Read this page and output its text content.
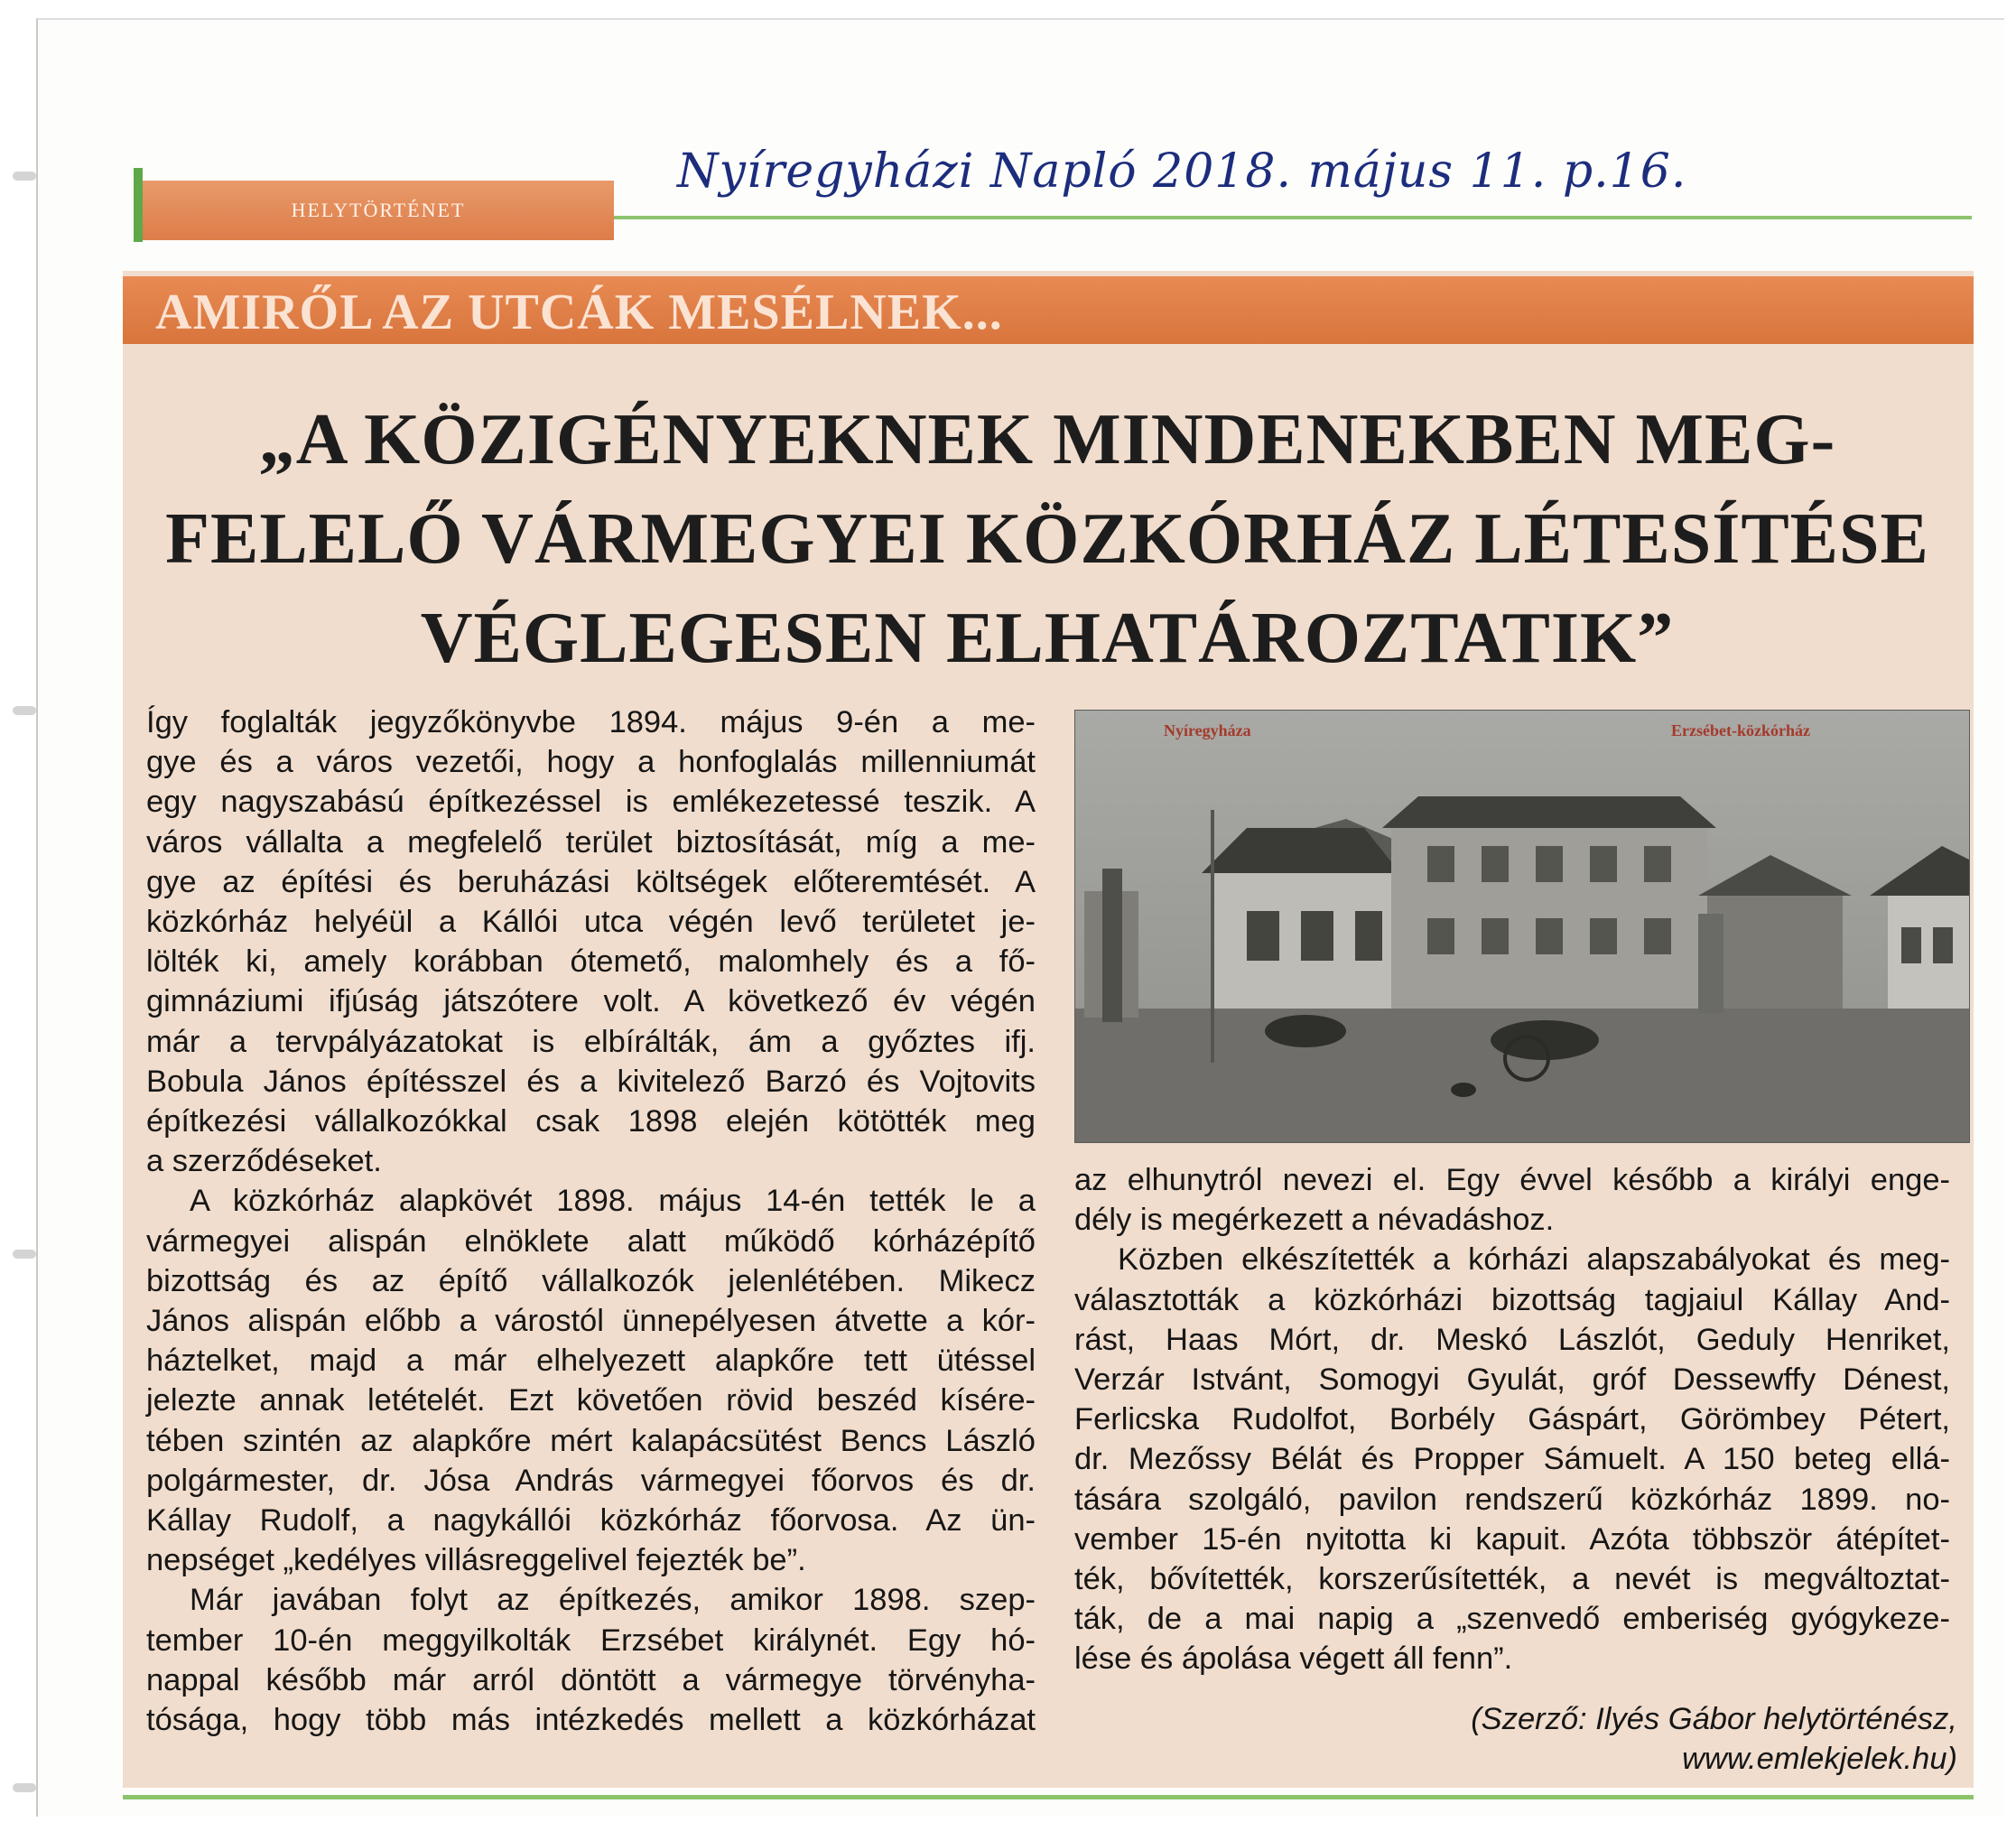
HELYTÖRTÉNET
Nyíregyházi Napló 2018. május 11. p.16.
AMIRŐL AZ UTCÁK MESÉLNEK...
„A KÖZIGÉNYEKNEK MINDENEKBEN MEG-
FELELŐ VÁRMEGYEI KÖZKÓRHÁZ LÉTESÍTÉSE
VÉGLEGESEN ELHATÁROZTATIK”

Így foglalták jegyzőkönyvbe 1894. május 9-én a me-

gye és a város vezetői, hogy a honfoglalás millenniumát

egy nagyszabású építkezéssel is emlékezetessé teszik. A

város vállalta a megfelelő terület biztosítását, míg a me-

gye az építési és beruházási költségek előteremtését. A

közkórház helyéül a Kállói utca végén levő területet je-

lölték ki, amely korábban ótemető, malomhely és a fő-

gimnáziumi ifjúság játszótere volt. A következő év végén

már a tervpályázatokat is elbírálták, ám a győztes ifj.

Bobula János építésszel és a kivitelező Barzó és Vojtovits

építkezési vállalkozókkal csak 1898 elején kötötték meg

a szerződéseket.

A közkórház alapkövét 1898. május 14-én tették le a

vármegyei alispán elnöklete alatt működő kórházépítő

bizottság és az építő vállalkozók jelenlétében. Mikecz

János alispán előbb a várostól ünnepélyesen átvette a kór-

háztelket, majd a már elhelyezett alapkőre tett ütéssel

jelezte annak letételét. Ezt követően rövid beszéd kísére-

tében szintén az alapkőre mért kalapácsütést Bencs László

polgármester, dr. Jósa András vármegyei főorvos és dr.

Kállay Rudolf, a nagykállói közkórház főorvosa. Az ün-

nepséget „kedélyes villásreggelivel fejezték be”.

Már javában folyt az építkezés, amikor 1898. szep-

tember 10-én meggyilkolták Erzsébet királynét. Egy hó-

nappal később már arról döntött a vármegye törvényha-

tósága, hogy több más intézkedés mellett a közkórházat

Nyíregyháza	Erzsébet-közkórház

az elhunytról nevezi el. Egy évvel később a királyi enge-

dély is megérkezett a névadáshoz.

Közben elkészítették a kórházi alapszabályokat és meg-

választották a közkórházi bizottság tagjaiul Kállay And-

rást, Haas Mórt, dr. Meskó Lászlót, Geduly Henriket,

Verzár Istvánt, Somogyi Gyulát, gróf Dessewffy Dénest,

Ferlicska Rudolfot, Borbély Gáspárt, Görömbey Pétert,

dr. Mezőssy Bélát és Propper Sámuelt. A 150 beteg ellá-

tására szolgáló, pavilon rendszerű közkórház 1899. no-

vember 15-én nyitotta ki kapuit. Azóta többször átépítet-

ték, bővítették, korszerűsítették, a nevét is megváltoztat-

ták, de a mai napig a „szenvedő emberiség gyógykeze-

lése és ápolása végett áll fenn”.

(Szerző: Ilyés Gábor helytörténész,
www.emlekjelek.hu)
